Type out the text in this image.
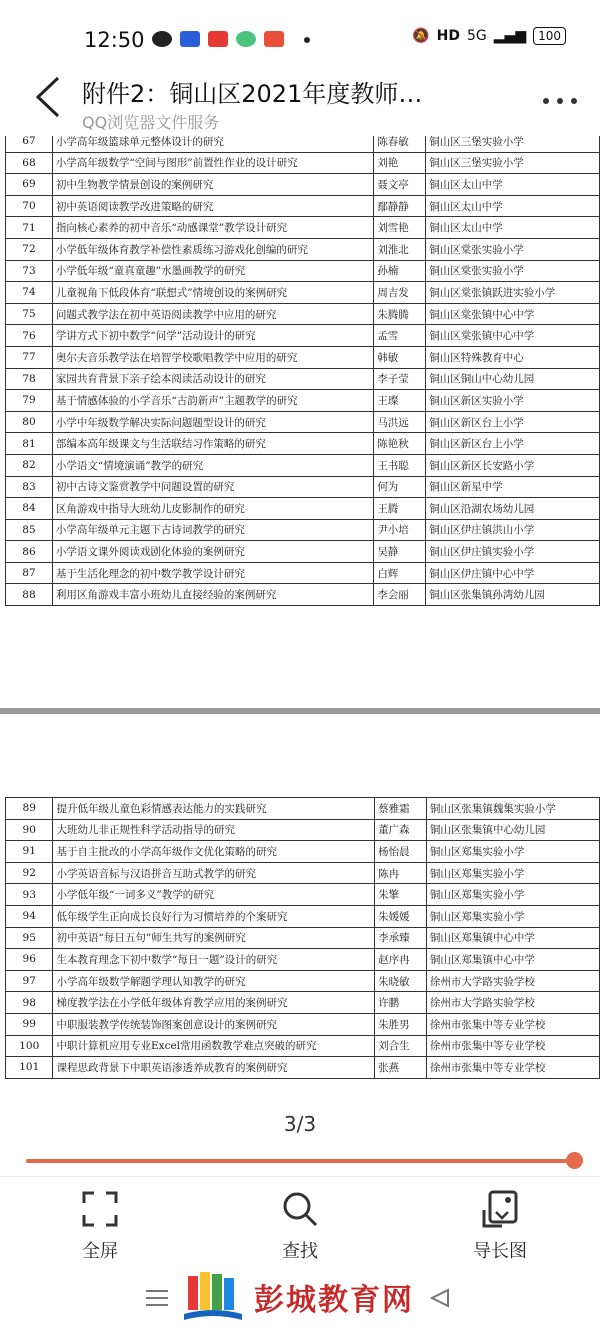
12:50	🔕 HD 5G ▂▄▆	100
附件2：铜山区2021年度教师…
QQ浏览器文件服务
67	小学高年级篮球单元整体设计的研究	陈春敏	铜山区三堡实验小学
68	小学高年级数学“空间与图形”前置性作业的设计研究	刘艳	铜山区三堡实验小学
69	初中生物教学情景创设的案例研究	聂文亭	铜山区太山中学
70	初中英语阅读教学改进策略的研究	鄢静静	铜山区太山中学
71	指向核心素养的初中音乐“动感课堂”教学设计研究	刘雪艳	铜山区太山中学
72	小学低年级体育教学补偿性素质练习游戏化创编的研究	刘淮北	铜山区棠张实验小学
73	小学低年级“童真童趣”水墨画教学的研究	孙楠	铜山区棠张实验小学
74	儿童视角下低段体育“联想式”情境创设的案例研究	周吉发	铜山区棠张镇跃进实验小学
75	问题式教学法在初中英语阅读教学中应用的研究	朱腾腾	铜山区棠张镇中心中学
76	学讲方式下初中数学“问学”活动设计的研究	孟雪	铜山区棠张镇中心中学
77	奥尔夫音乐教学法在培智学校歌唱教学中应用的研究	韩敏	铜山区特殊教育中心
78	家园共育背景下亲子绘本阅读活动设计的研究	李子莹	铜山区铜山中心幼儿园
79	基于情感体验的小学音乐“古韵新声”主题教学的研究	王璨	铜山区新区实验小学
80	小学中年级数学解决实际问题题型设计的研究	马洪远	铜山区新区台上小学
81	部编本高年级课文与生活联结习作策略的研究	陈艳秋	铜山区新区台上小学
82	小学语文“情境演诵”教学的研究	王书聪	铜山区新区长安路小学
83	初中古诗文鉴赏教学中问题设置的研究	何为	铜山区新星中学
84	区角游戏中指导大班幼儿皮影制作的研究	王腾	铜山区沿湖农场幼儿园
85	小学高年级单元主题下古诗词教学的研究	尹小培	铜山区伊庄镇洪山小学
86	小学语文课外阅读戏剧化体验的案例研究	吴静	铜山区伊庄镇实验小学
87	基于生活化理念的初中数学教学设计研究	白辉	铜山区伊庄镇中心中学
88	利用区角游戏丰富小班幼儿直接经验的案例研究	李会丽	铜山区张集镇孙湾幼儿园
89	提升低年级儿童色彩情感表达能力的实践研究	蔡雅霜	铜山区张集镇魏集实验小学
90	大班幼儿非正规性科学活动指导的研究	董广森	铜山区张集镇中心幼儿园
91	基于自主批改的小学高年级作文优化策略的研究	杨怡晨	铜山区郑集实验小学
92	小学英语音标与汉语拼音互助式教学的研究	陈冉	铜山区郑集实验小学
93	小学低年级“一词多义”教学的研究	朱擎	铜山区郑集实验小学
94	低年级学生正向成长良好行为习惯培养的个案研究	朱媛媛	铜山区郑集实验小学
95	初中英语“每日五句”师生共写的案例研究	李承臻	铜山区郑集镇中心中学
96	生本教育理念下初中数学“每日一题”设计的研究	赵序冉	铜山区郑集镇中心中学
97	小学高年级数学解题学理认知教学的研究	朱晓敏	徐州市大学路实验学校
98	梯度教学法在小学低年级体育教学应用的案例研究	许鹏	徐州市大学路实验学校
99	中职服装教学传统装饰图案创意设计的案例研究	朱胜男	徐州市张集中等专业学校
100	中职计算机应用专业Excel常用函数教学难点突破的研究	刘合生	徐州市张集中等专业学校
101	课程思政背景下中职英语渗透养成教育的案例研究	张燕	徐州市张集中等专业学校
3/3
全屏	查找	导长图
彭城教育网
